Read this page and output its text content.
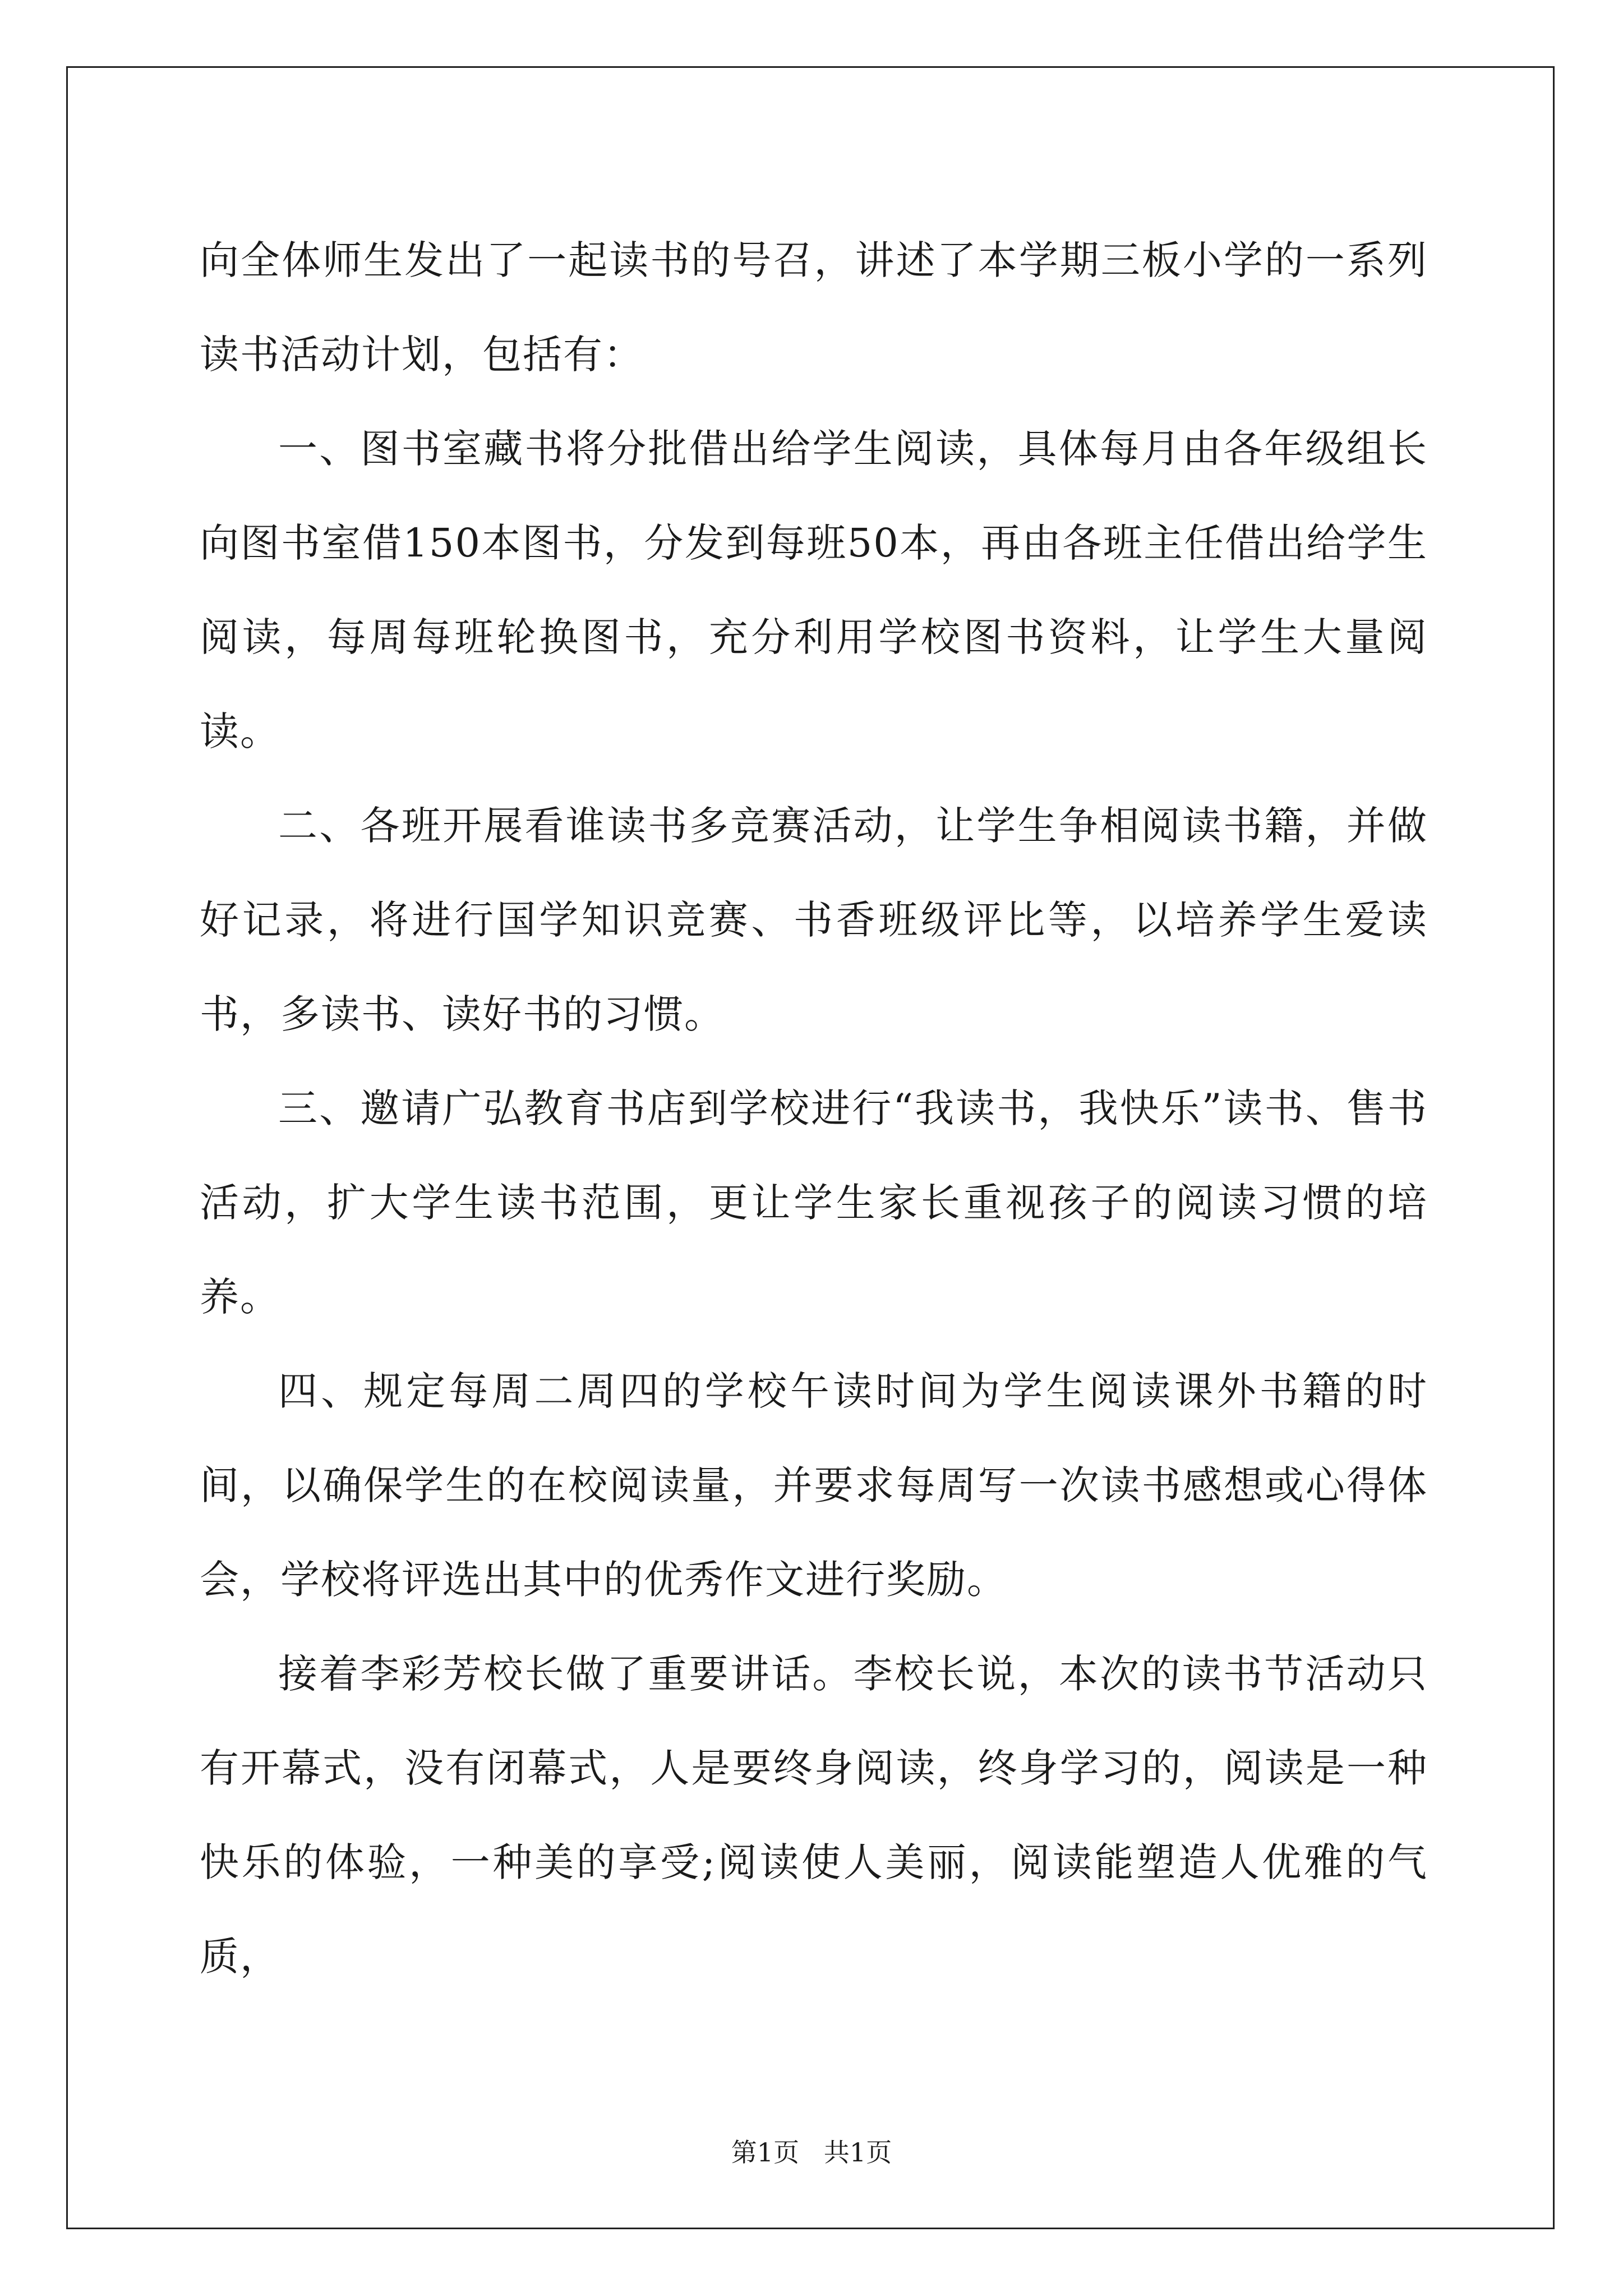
向全体师生发出了一起读书的号召，讲述了本学期三板小学的一系列读书活动计划，包括有：

一、图书室藏书将分批借出给学生阅读，具体每月由各年级组长向图书室借150本图书，分发到每班50本，再由各班主任借出给学生阅读，每周每班轮换图书，充分利用学校图书资料，让学生大量阅读。

二、各班开展看谁读书多竞赛活动，让学生争相阅读书籍，并做好记录，将进行国学知识竞赛、书香班级评比等，以培养学生爱读书，多读书、读好书的习惯。

三、邀请广弘教育书店到学校进行“我读书，我快乐”读书、售书活动，扩大学生读书范围，更让学生家长重视孩子的阅读习惯的培养。

四、规定每周二周四的学校午读时间为学生阅读课外书籍的时间，以确保学生的在校阅读量，并要求每周写一次读书感想或心得体会，学校将评选出其中的优秀作文进行奖励。

接着李彩芳校长做了重要讲话。李校长说，本次的读书节活动只有开幕式，没有闭幕式，人是要终身阅读，终身学习的，阅读是一种快乐的体验，一种美的享受;阅读使人美丽，阅读能塑造人优雅的气质，

第1页   共1页
